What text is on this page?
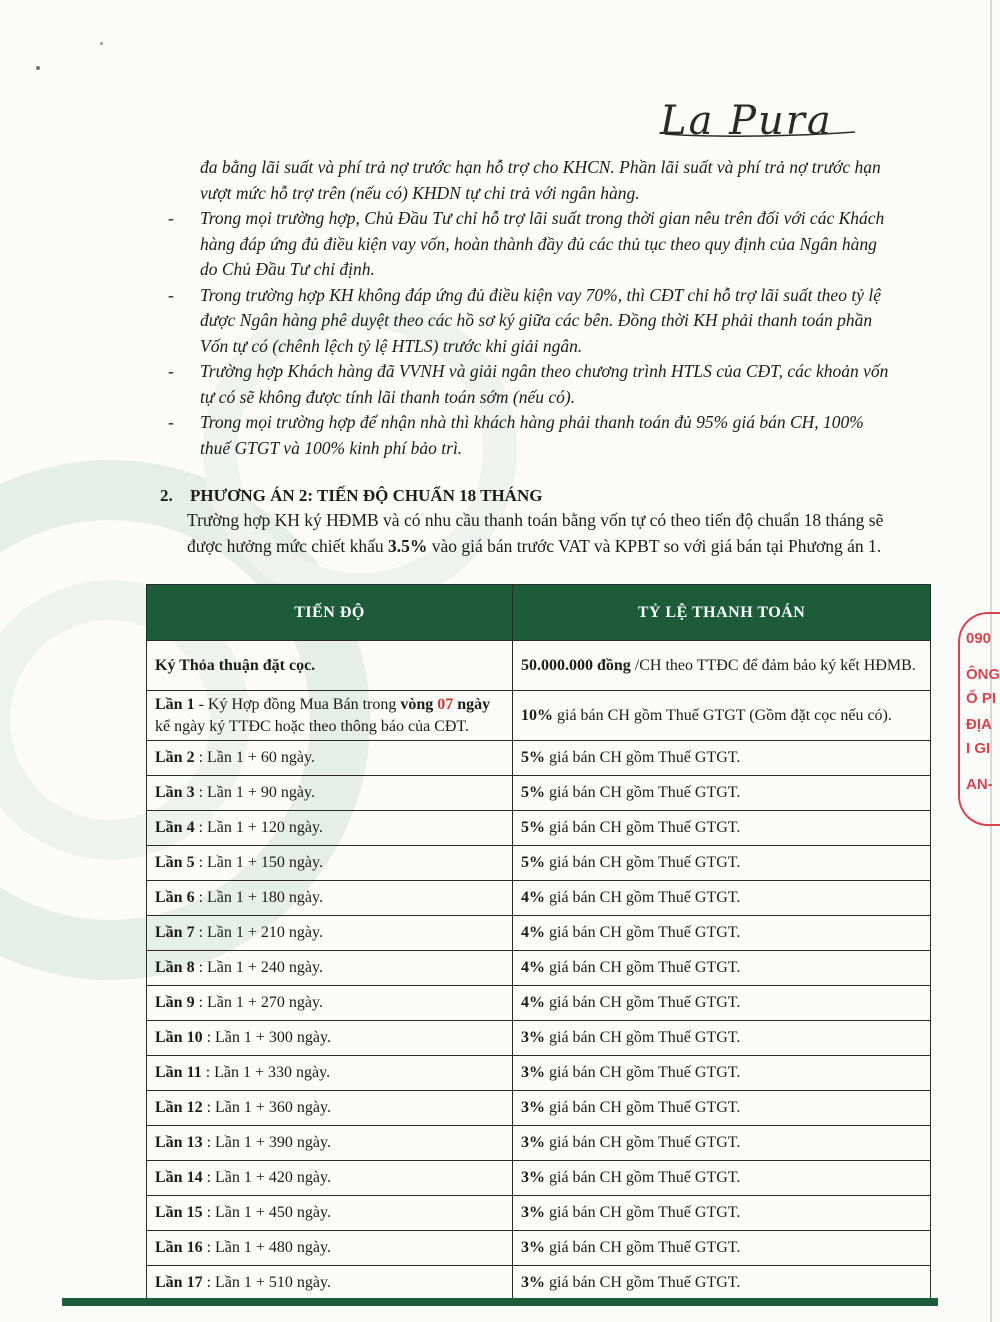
La Pura
090
ÔNG
Ổ PI
ĐỊA
I GI
AN-
đa bằng lãi suất và phí trả nợ trước hạn hỗ trợ cho KHCN. Phần lãi suất và phí trả nợ trước hạn vượt mức hỗ trợ trên (nếu có) KHDN tự chi trả với ngân hàng.
- Trong mọi trường hợp, Chủ Đầu Tư chỉ hỗ trợ lãi suất trong thời gian nêu trên đối với các Khách hàng đáp ứng đủ điều kiện vay vốn, hoàn thành đầy đủ các thủ tục theo quy định của Ngân hàng do Chủ Đầu Tư chỉ định.
- Trong trường hợp KH không đáp ứng đủ điều kiện vay 70%, thì CĐT chỉ hỗ trợ lãi suất theo tỷ lệ được Ngân hàng phê duyệt theo các hồ sơ ký giữa các bên. Đồng thời KH phải thanh toán phần Vốn tự có (chênh lệch tỷ lệ HTLS) trước khi giải ngân.
- Trường hợp Khách hàng đã VVNH và giải ngân theo chương trình HTLS của CĐT, các khoản vốn tự có sẽ không được tính lãi thanh toán sớm (nếu có).
- Trong mọi trường hợp để nhận nhà thì khách hàng phải thanh toán đủ 95% giá bán CH, 100% thuế GTGT và 100% kinh phí bảo trì.
2. PHƯƠNG ÁN 2: TIẾN ĐỘ CHUẨN 18 THÁNG
Trường hợp KH ký HĐMB và có nhu cầu thanh toán bằng vốn tự có theo tiến độ chuẩn 18 tháng sẽ được hưởng mức chiết khấu 3.5% vào giá bán trước VAT và KPBT so với giá bán tại Phương án 1.
TIẾN ĐỘ	TỶ LỆ THANH TOÁN
Ký Thỏa thuận đặt cọc.	50.000.000 đồng /CH theo TTĐC để đảm bảo ký kết HĐMB.
Lần 1 - Ký Hợp đồng Mua Bán trong vòng 07 ngày kể ngày ký TTĐC hoặc theo thông báo của CĐT.	10% giá bán CH gồm Thuế GTGT (Gồm đặt cọc nếu có).
Lần 2 : Lần 1 + 60 ngày.	5% giá bán CH gồm Thuế GTGT.
Lần 3 : Lần 1 + 90 ngày.	5% giá bán CH gồm Thuế GTGT.
Lần 4 : Lần 1 + 120 ngày.	5% giá bán CH gồm Thuế GTGT.
Lần 5 : Lần 1 + 150 ngày.	5% giá bán CH gồm Thuế GTGT.
Lần 6 : Lần 1 + 180 ngày.	4% giá bán CH gồm Thuế GTGT.
Lần 7 : Lần 1 + 210 ngày.	4% giá bán CH gồm Thuế GTGT.
Lần 8 : Lần 1 + 240 ngày.	4% giá bán CH gồm Thuế GTGT.
Lần 9 : Lần 1 + 270 ngày.	4% giá bán CH gồm Thuế GTGT.
Lần 10 : Lần 1 + 300 ngày.	3% giá bán CH gồm Thuế GTGT.
Lần 11 : Lần 1 + 330 ngày.	3% giá bán CH gồm Thuế GTGT.
Lần 12 : Lần 1 + 360 ngày.	3% giá bán CH gồm Thuế GTGT.
Lần 13 : Lần 1 + 390 ngày.	3% giá bán CH gồm Thuế GTGT.
Lần 14 : Lần 1 + 420 ngày.	3% giá bán CH gồm Thuế GTGT.
Lần 15 : Lần 1 + 450 ngày.	3% giá bán CH gồm Thuế GTGT.
Lần 16 : Lần 1 + 480 ngày.	3% giá bán CH gồm Thuế GTGT.
Lần 17 : Lần 1 + 510 ngày.	3% giá bán CH gồm Thuế GTGT.
